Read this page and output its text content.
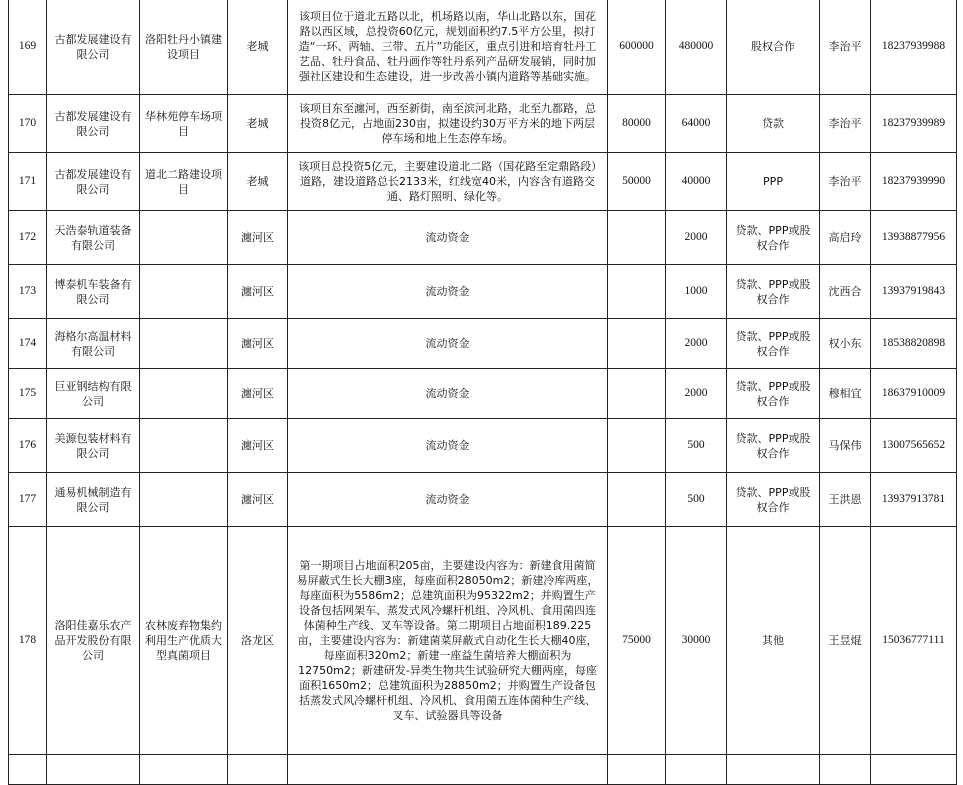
169	古都发展建设有限公司	洛阳牡丹小镇建设项目	老城	该项目位于道北五路以北，机场路以南，华山北路以东，国花路以西区域，总投资60亿元，规划面积约7.5平方公里，拟打造“一环、两轴、三带、五片”功能区，重点引进和培育牡丹工艺品、牡丹食品、牡丹画作等牡丹系列产品研发展销，同时加强社区建设和生态建设，进一步改善小镇内道路等基础实施。	600000	480000	股权合作	李治平	18237939988
170	古都发展建设有限公司	华林苑停车场项目	老城	该项目东至瀍河，西至新街，南至滨河北路，北至九都路，总投资8亿元，占地面230亩，拟建设约30万平方米的地下两层停车场和地上生态停车场。	80000	64000	贷款	李治平	18237939989
171	古都发展建设有限公司	道北二路建设项目	老城	该项目总投资5亿元，主要建设道北二路（国花路至定鼎路段）道路，建设道路总长2133米，红线宽40米，内容含有道路交通、路灯照明、绿化等。	50000	40000	PPP	李治平	18237939990
172	天浩泰轨道装备有限公司		瀍河区	流动资金		2000	贷款、PPP或股权合作	高启玲	13938877956
173	博泰机车装备有限公司		瀍河区	流动资金		1000	贷款、PPP或股权合作	沈西合	13937919843
174	海格尔高温材料有限公司		瀍河区	流动资金		2000	贷款、PPP或股权合作	权小东	18538820898
175	巨亚钢结构有限公司		瀍河区	流动资金		2000	贷款、PPP或股权合作	穆相宜	18637910009
176	美源包装材料有限公司		瀍河区	流动资金		500	贷款、PPP或股权合作	马保伟	13007565652
177	通易机械制造有限公司		瀍河区	流动资金		500	贷款、PPP或股权合作	王洪恩	13937913781
178	洛阳佳嘉乐农产品开发股份有限公司	农林废弃物集约利用生产优质大型真菌项目	洛龙区	第一期项目占地面积205亩，主要建设内容为：新建食用菌简易屏蔽式生长大棚3座，每座面积28050m2；新建冷库两座，每座面积为5586m2；总建筑面积为95322m2；并购置生产设备包括网架车、蒸发式风冷螺杆机组、冷风机、食用菌四连体菌种生产线、叉车等设备。第二期项目占地面积189.225亩，主要建设内容为：新建菌菜屏蔽式自动化生长大棚40座，每座面积320m2；新建一座益生菌培养大棚面积为12750m2；新建研发-异类生物共生试验研究大棚两座，每座面积1650m2；总建筑面积为28850m2；并购置生产设备包括蒸发式风冷螺杆机组、冷风机、食用菌五连体菌种生产线、叉车、试验器具等设备	75000	30000	其他	王昱焜	15036777111
